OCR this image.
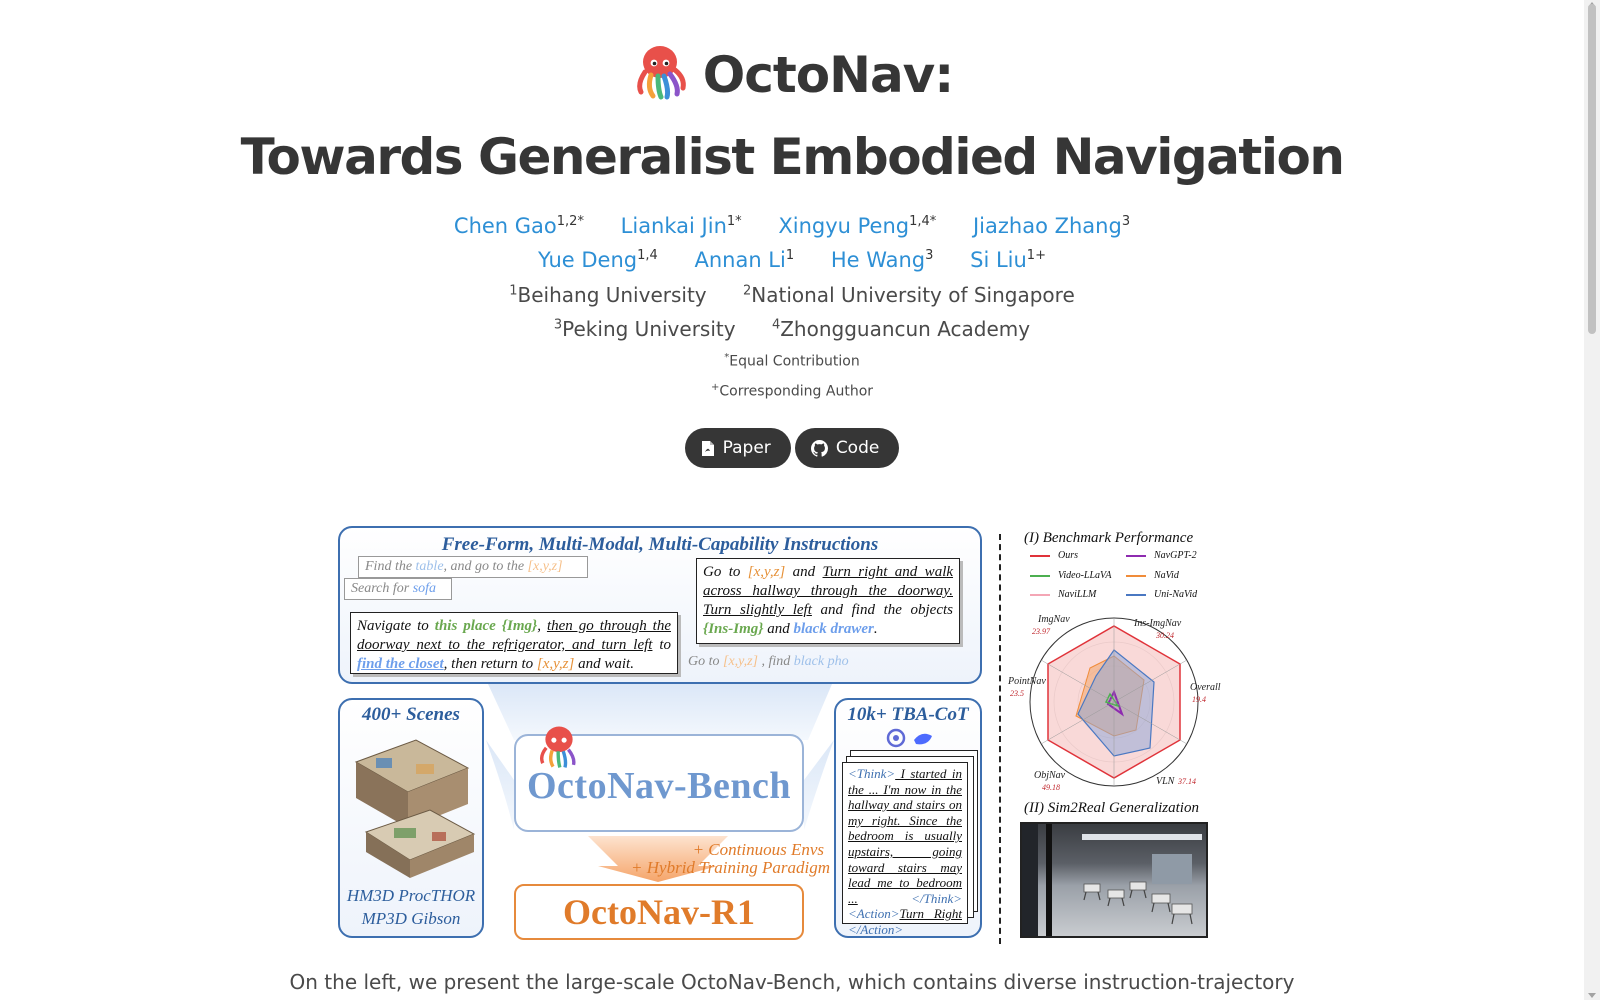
OctoNav:
Towards Generalist Embodied Navigation
Chen Gao$^{1,2*}$ Liankai Jin$^{1*}$ Xingyu Peng$^{1,4*}$ Jiazhao Zhang$^3$
Yue Deng$^{1,4}$ Annan Li$^1$ He Wang$^3$ Si Liu$^{1+}$
$^1$Beihang University	$^2$National University of Singapore
$^3$Peking University	$^4$Zhongguancun Academy
*Equal Contribution
+Corresponding Author
Paper
	Code
Free-Form, Multi-Modal, Multi-Capability Instructions
Find the table, and go to the [x,y,z]
Search for sofa
Navigate to this place {Img}, then go through the doorway next to the refrigerator, and turn left to find the closet, then return to [x,y,z] and wait.
Go to [x,y,z] and Turn right and walk across hallway through the doorway. Turn slightly left and find the objects {Ins-Img} and black drawer.
Go to [x,y,z] , find black pho
400+ Scenes
HM3D ProcTHOR
MP3D Gibson
OctoNav-Bench
+ Continuous Envs
+ Hybrid Training Paradigm
OctoNav-R1
10k+ TBA-CoT
<Think> I started in the ... I'm now in the hallway and stairs on my right. Since the bedroom is usually upstairs, going toward stairs may lead me to bedroom ... </Think> <Action>Turn Right </Action>
(I) Benchmark Performance
Ours	NavGPT-2
Video-LLaVA	NaVid
NaviLLM	Uni-NaVid
Ins-ImgNav
30.24
Overall
19.4
VLN 37.14
ObjNav
49.18
PointNav
23.5
ImgNav
23.97
(II) Sim2Real Generalization
On the left, we present the large-scale OctoNav-Bench, which contains diverse instruction-trajectory
